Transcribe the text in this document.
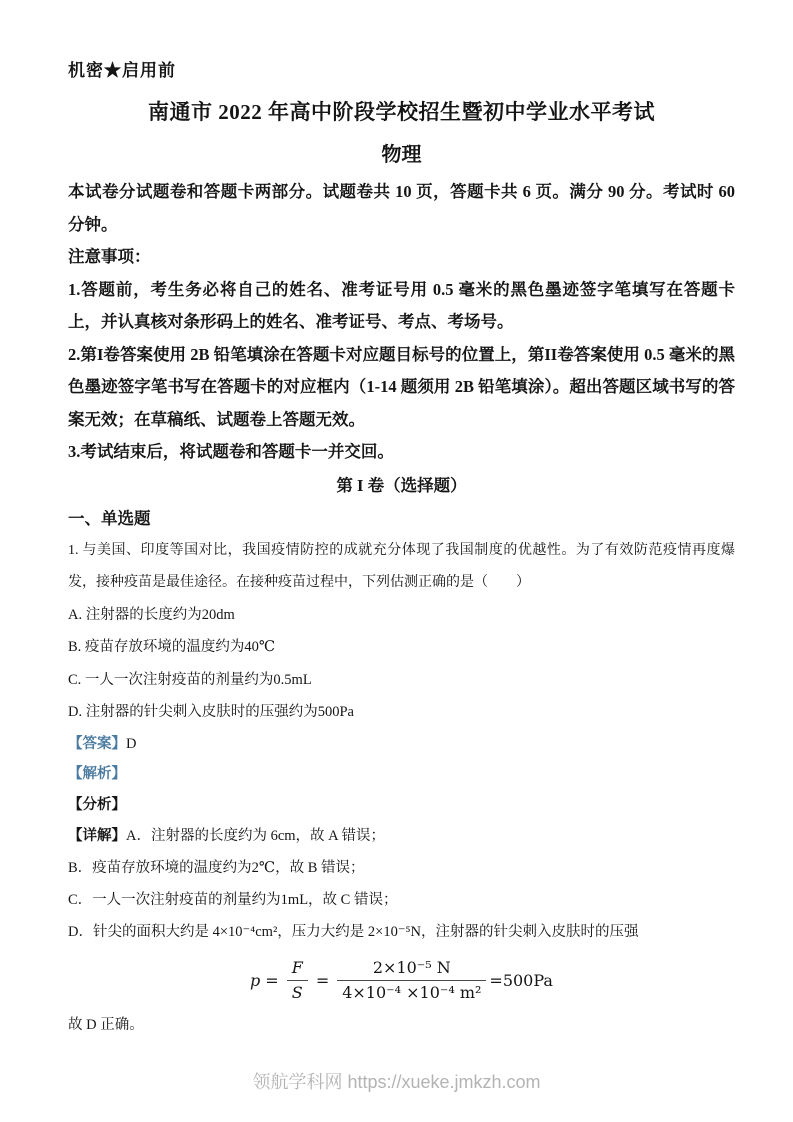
机密★启用前
南通市 2022 年高中阶段学校招生暨初中学业水平考试
物理
本试卷分试题卷和答题卡两部分。试题卷共 10 页，答题卡共 6 页。满分 90 分。考试时 60 分钟。
注意事项：
1.答题前，考生务必将自己的姓名、准考证号用 0.5 毫米的黑色墨迹签字笔填写在答题卡上，并认真核对条形码上的姓名、准考证号、考点、考场号。
2.第I卷答案使用 2B 铅笔填涂在答题卡对应题目标号的位置上，第II卷答案使用 0.5 毫米的黑色墨迹签字笔书写在答题卡的对应框内（1-14 题须用 2B 铅笔填涂）。超出答题区域书写的答案无效；在草稿纸、试题卷上答题无效。
3.考试结束后，将试题卷和答题卡一并交回。
第 I 卷（选择题）
一、单选题
1. 与美国、印度等国对比，我国疫情防控的成就充分体现了我国制度的优越性。为了有效防范疫情再度爆发，接种疫苗是最佳途径。在接种疫苗过程中，下列估测正确的是（　　）
A. 注射器的长度约为20dm
B. 疫苗存放环境的温度约为40℃
C. 一人一次注射疫苗的剂量约为0.5mL
D. 注射器的针尖刺入皮肤时的压强约为500Pa
【答案】D
【解析】
【分析】
【详解】A．注射器的长度约为 6cm，故 A 错误；
B．疫苗存放环境的温度约为2℃，故 B 错误；
C．一人一次注射疫苗的剂量约为1mL，故 C 错误；
D．针尖的面积大约是 4×10⁻⁴cm²，压力大约是 2×10⁻⁵N，注射器的针尖刺入皮肤时的压强
$p = \frac{F}{S} = \frac{\text{2×10⁻⁵ N}}{\text{4×10⁻⁴ ×10⁻⁴ m²}} =500Pa$
故 D 正确。
领航学科网 https://xueke.jmkzh.com
